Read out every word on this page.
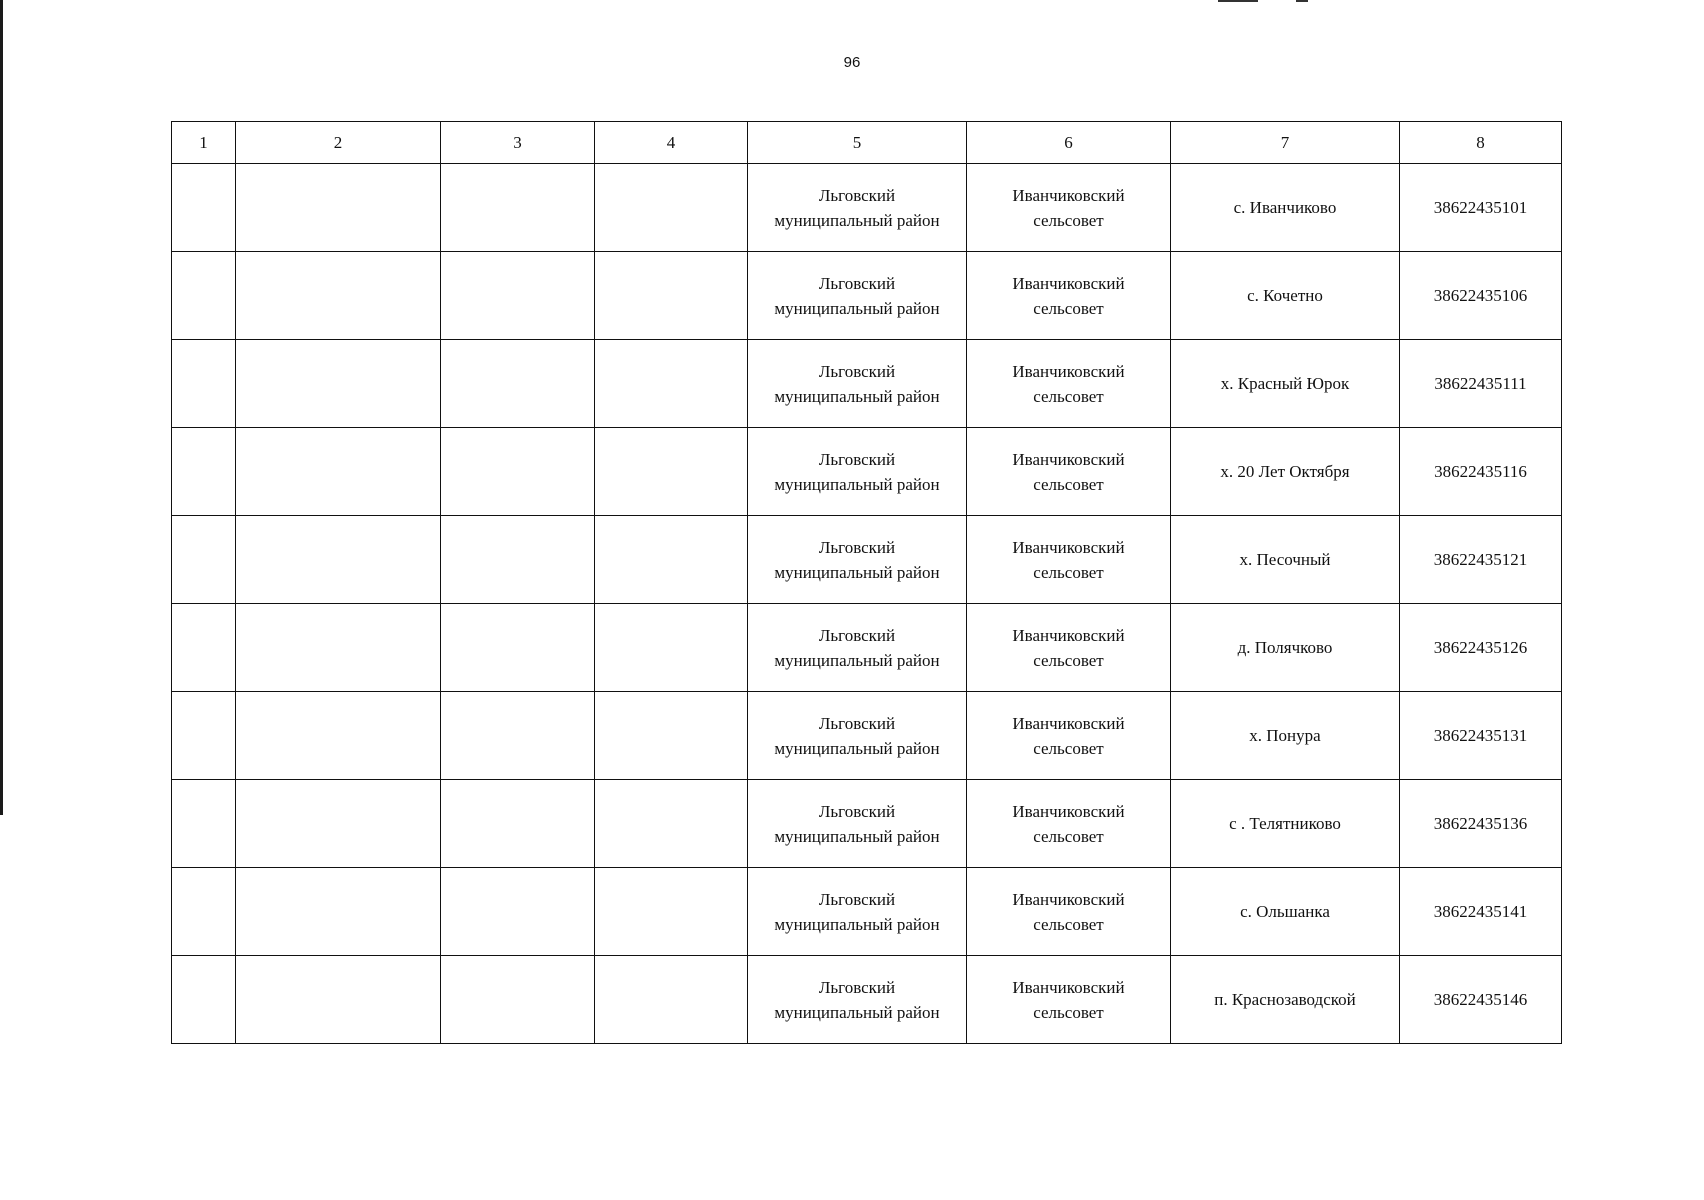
96
1	2	3	4	5	6	7	8

				Льговский
муниципальный район	Иванчиковский
сельсовет	с. Иванчиково	38622435101

				Льговский
муниципальный район	Иванчиковский
сельсовет	с. Кочетно	38622435106

				Льговский
муниципальный район	Иванчиковский
сельсовет	х. Красный Юрок	38622435111

				Льговский
муниципальный район	Иванчиковский
сельсовет	х. 20 Лет Октября	38622435116

				Льговский
муниципальный район	Иванчиковский
сельсовет	х. Песочный	38622435121

				Льговский
муниципальный район	Иванчиковский
сельсовет	д. Полячково	38622435126

				Льговский
муниципальный район	Иванчиковский
сельсовет	х. Понура	38622435131

				Льговский
муниципальный район	Иванчиковский
сельсовет	с . Телятниково	38622435136

				Льговский
муниципальный район	Иванчиковский
сельсовет	с. Ольшанка	38622435141

				Льговский
муниципальный район	Иванчиковский
сельсовет	п. Краснозаводской	38622435146
